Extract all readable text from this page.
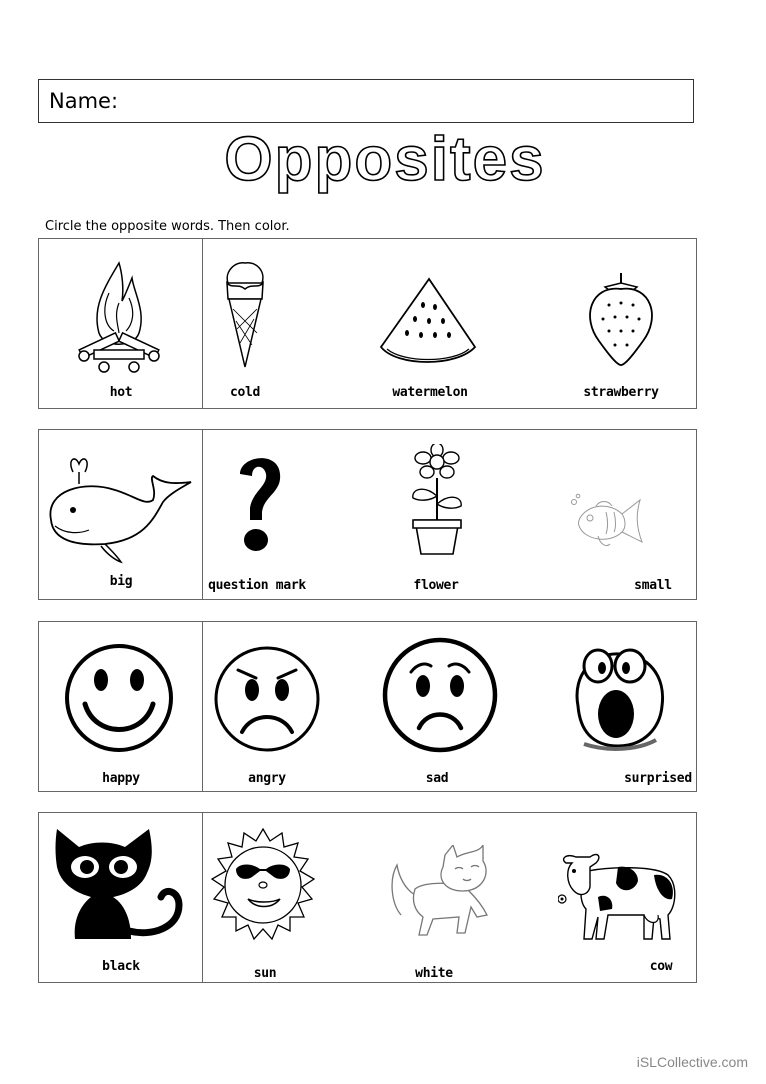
Name:
Opposites
Circle the opposite words. Then color.
hot	cold	watermelon	strawberry
big	question mark	flower	small
happy	angry	sad	surprised
black	sun	white	cow
iSLCollective.com
